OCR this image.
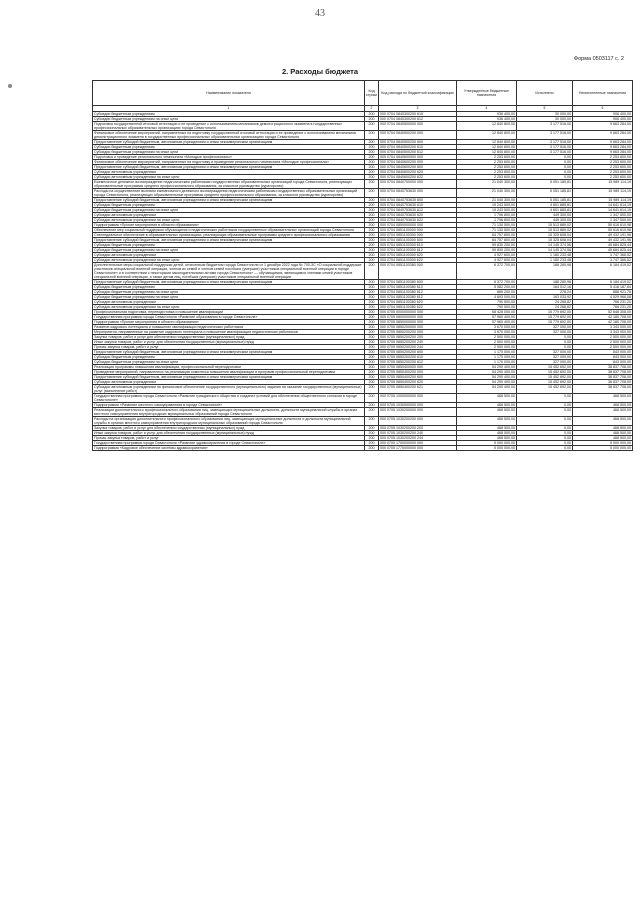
43
Форма 0503117 с. 2
2. Расходы бюджета
Наименование показателя	Код строки	Код расхода по бюджетной классификации	Утвержденные бюджетные назначения	Исполнено	Неисполненные назначения
1	2	3	4	5	6
Субсидии бюджетным учреждениям	200	000 0704 0840300200 610	936 400,00	30 000,00	906 400,00
Субсидии бюджетным учреждениям на иные цели	200	000 0704 0840300200 612	936 400,00	30 000,00	906 400,00
Подготовка государственной итоговой аттестации и ее проведение с использованием механизмов демонстрационного экзамена в государственных профессиональных образовательных организациях города Севастополя	200	000 0704 0840500000 000	12 840 800,00	3 177 516,00	9 663 284,00
Финансовое обеспечение мероприятий, направленных на подготовку государственной итоговой аттестации и ее проведение с использованием механизмов демонстрационного экзамена в государственных профессиональных образовательных организациях города Севастополя	200	000 0704 0840500200 000	12 840 800,00	3 177 516,00	9 663 284,00
Предоставление субсидий бюджетным, автономным учреждениям и иным некоммерческим организациям	200	000 0704 0840500200 600	12 840 800,00	3 177 516,00	9 663 284,00
Субсидии бюджетным учреждениям	200	000 0704 0840500200 610	12 840 800,00	3 177 516,00	9 663 284,00
Субсидии бюджетным учреждениям на иные цели	200	000 0704 0840500200 612	12 840 800,00	3 177 516,00	9 663 284,00
Подготовка и проведение регионального чемпионата «Молодые профессионалы»	200	000 0704 0840600000 000	2 253 600,00	0,00	2 253 600,00
Финансовое обеспечение мероприятий, направленных на подготовку и проведение регионального чемпионата «Молодые профессионалы»	200	000 0704 0840600200 000	2 253 600,00	0,00	2 253 600,00
Предоставление субсидий бюджетным, автономным учреждениям и иным некоммерческим организациям	200	000 0704 0840600200 600	2 253 600,00	0,00	2 253 600,00
Субсидии автономным учреждениям	200	000 0704 0840600200 620	2 253 600,00	0,00	2 253 600,00
Субсидии автономным учреждениям на иные цели	200	000 0704 0840600200 622	2 253 600,00	0,00	2 253 600,00
Ежемесячное денежное вознаграждение педагогическим работникам государственных образовательных организаций города Севастополя, реализующих образовательные программы среднего профессионального образования, за классное руководство (кураторство)	200	000 0704 0840700000 000	21 040 300,00	5 051 185,81	15 989 114,19
Расходы на осуществление выплаты ежемесячного денежного вознаграждения педагогическим работникам государственных образовательных организаций города Севастополя, реализующих образовательные программы среднего профессионального образования, за классное руководство (кураторство)	200	000 0704 0840753630 000	21 040 300,00	5 051 185,81	15 989 114,19
Предоставление субсидий бюджетным, автономным учреждениям и иным некоммерческим организациям	200	000 0704 0840753630 600	21 040 300,00	5 051 185,81	15 989 114,19
Субсидии бюджетным учреждениям	200	000 0704 0840753630 610	19 243 500,00	4 601 885,81	14 641 614,19
Субсидии бюджетным учреждениям на иные цели	200	000 0704 0840753630 612	19 243 500,00	4 601 885,81	14 641 614,19
Субсидии автономным учреждениям	200	000 0704 0840753630 620	1 796 800,00	449 300,00	1 347 500,00
Субсидии автономным учреждениям на иные цели	200	000 0704 0840753630 622	1 796 800,00	449 300,00	1 347 500,00
Подпрограмма «Прочие мероприятия в области образования»	200	000 0704 0850000000 000	71 130 500,00	15 513 889,02	55 616 610,98
Обеспечение мер социальной поддержки обучающихся и педагогических работников государственных образовательных организаций города Севастополя	200	000 0704 0851100000 000	71 130 500,00	15 513 889,02	55 616 610,98
Стипендиальное обеспечение в образовательных организациях, реализующих образовательные программы среднего профессионального образования	200	000 0704 0851100300 000	64 757 800,00	15 325 608,04	49 432 191,96
Предоставление субсидий бюджетным, автономным учреждениям и иным некоммерческим организациям	200	000 0704 0851100300 600	64 757 800,00	15 325 608,04	49 432 191,96
Субсидии бюджетным учреждениям	200	000 0704 0851100300 610	59 830 200,00	14 145 374,56	45 684 825,44
Субсидии бюджетным учреждениям на иные цели	200	000 0704 0851100300 612	59 830 200,00	14 145 374,56	45 684 825,44
Субсидии автономным учреждениям	200	000 0704 0851100300 620	4 927 600,00	1 180 233,48	3 747 366,52
Субсидии автономным учреждениям на иные цели	200	000 0704 0851100300 622	4 927 600,00	1 180 233,48	3 747 366,52
Дополнительные меры социальной поддержки детей, отнесенным бюджетом города Севастополя от 1 декабря 2022 года № 700-ЗС «О социальной поддержке участников специальной военной операции, членов их семей и членов семей погибших (умерших) участников специальной военной операции в городе Севастополе» и в соответствии с некоторыми законодательными актами города Севастополя» — обучающимся, являющимся членами семей участников специальной военной операции, а также детям лиц, погибших (умерших) участников специальной военной операции	200	000 0704 0851100380 000	6 372 700,00	188 280,98	6 184 419,02
Предоставление субсидий бюджетным, автономным учреждениям и иным некоммерческим организациям	200	000 0704 0851100380 600	6 372 700,00	188 280,98	6 184 419,02
Субсидии бюджетным учреждениям	200	000 0704 0851100380 610	5 582 200,00	164 012,16	5 418 187,84
Субсидии бюджетным учреждениям на иные цели	200	000 0704 0851100380 612	889 200,00	278,24	888 921,76
Субсидии бюджетным учреждениям на иные цели	200	000 0704 0851100380 612	4 693 000,00	163 033,92	4 529 966,08
Субсидии автономным учреждениям	200	000 0704 0851100380 620	790 500,00	24 268,82	766 231,20
Субсидии автономным учреждениям на иные цели	200	000 0704 0851100380 622	790 500,00	24 268,82	766 231,20
Профессиональная подготовка, переподготовка и повышение квалификации	200	000 0705 0000000000 000	68 428 000,00	15 779 692,00	52 648 308,00
Государственная программа города Севастополя «Развитие образования в городе Севастополе»	200	000 0705 0800000000 000	57 960 400,00	15 779 692,00	42 180 708,00
Подпрограмма «Прочие мероприятия в области образования»	200	000 0705 0850000000 000	57 960 400,00	15 779 692,00	42 180 708,00
Развитие кадрового потенциала и повышение квалификации педагогических работников	200	000 0705 0850200000 000	3 670 000,00	327 000,00	3 343 000,00
Мероприятия, направленные на развитие кадрового потенциала и повышение квалификации педагогических работников	200	000 0705 0850200200 000	3 670 000,00	327 000,00	3 343 000,00
Закупка товаров, работ и услуг для обеспечения государственных (муниципальных) нужд	200	000 0705 0850200200 200	2 500 000,00	0,00	2 500 000,00
Иные закупки товаров, работ и услуг для обеспечения государственных (муниципальных) нужд	200	000 0705 0850200200 240	2 500 000,00	0,00	2 500 000,00
Прочая закупка товаров, работ и услуг	200	000 0705 0850200200 244	2 500 000,00	0,00	2 500 000,00
Предоставление субсидий бюджетным, автономным учреждениям и иным некоммерческим организациям	200	000 0705 0850200200 600	1 170 000,00	327 000,00	843 000,00
Субсидии бюджетным учреждениям	200	000 0705 0850200200 610	1 170 000,00	327 000,00	843 000,00
Субсидии бюджетным учреждениям на иные цели	200	000 0705 0850200200 612	1 170 000,00	327 000,00	843 000,00
Реализация программы повышения квалификации, профессиональной переподготовки	200	000 0705 0850400000 000	54 290 400,00	15 452 692,00	38 837 708,00
Проведение мероприятий, направленных на реализацию комплекса повышения квалификации и программ профессиональной переподготовки	200	000 0705 0850400200 000	54 290 400,00	15 452 692,00	38 837 708,00
Предоставление субсидий бюджетным, автономным учреждениям и иным некоммерческим организациям	200	000 0705 0850400200 600	54 290 400,00	15 452 692,00	38 837 708,00
Субсидии автономным учреждениям	200	000 0705 0850400200 620	54 290 400,00	15 452 692,00	38 837 708,00
Субсидии автономным учреждениям на финансовое обеспечение государственного (муниципального) задания на оказание государственных (муниципальных) услуг (выполнение работ)	200	000 0705 0850400200 621	54 290 400,00	15 452 692,00	38 837 708,00
Государственная программа города Севастополя «Развитие гражданского общества и создание условий для обеспечения общественного согласия в городе Севастополе»	200	000 0705 1000000000 000	468 500,00	0,00	468 500,00
Подпрограмма «Развитие местного самоуправления в городе Севастополе»	200	000 0705 1030000000 000	468 500,00	0,00	468 500,00
Реализация дополнительного профессионального образования лиц, замещающих муниципальные должности, должности муниципальной службы в органах местного самоуправления внутригородских муниципальных образований города Севастополя	200	000 0705 1030200000 000	468 500,00	0,00	468 500,00
Расходы на организацию дополнительного профессионального образования лиц, замещающих муниципальные должности и должности муниципальной службы в органах местного самоуправления внутригородских муниципальных образований города Севастополя	200	000 0705 1030200200 000	468 500,00	0,00	468 500,00
Закупка товаров, работ и услуг для обеспечения государственных (муниципальных) нужд	200	000 0705 1030200200 200	468 500,00	0,00	468 500,00
Иные закупки товаров, работ и услуг для обеспечения государственных (муниципальных) нужд	200	000 0705 1030200200 240	468 500,00	0,00	468 500,00
Прочая закупка товаров, работ и услуг	200	000 0705 1030200200 244	468 500,00	0,00	468 500,00
Государственная программа города Севастополя «Развитие здравоохранения в городе Севастополе»	200	000 0705 1700000000 000	5 000 000,00	0,00	5 000 000,00
Подпрограмма «Кадровое обеспечение системы здравоохранения»	200	000 0705 1770000000 000	5 000 000,00	0,00	5 000 000,00
